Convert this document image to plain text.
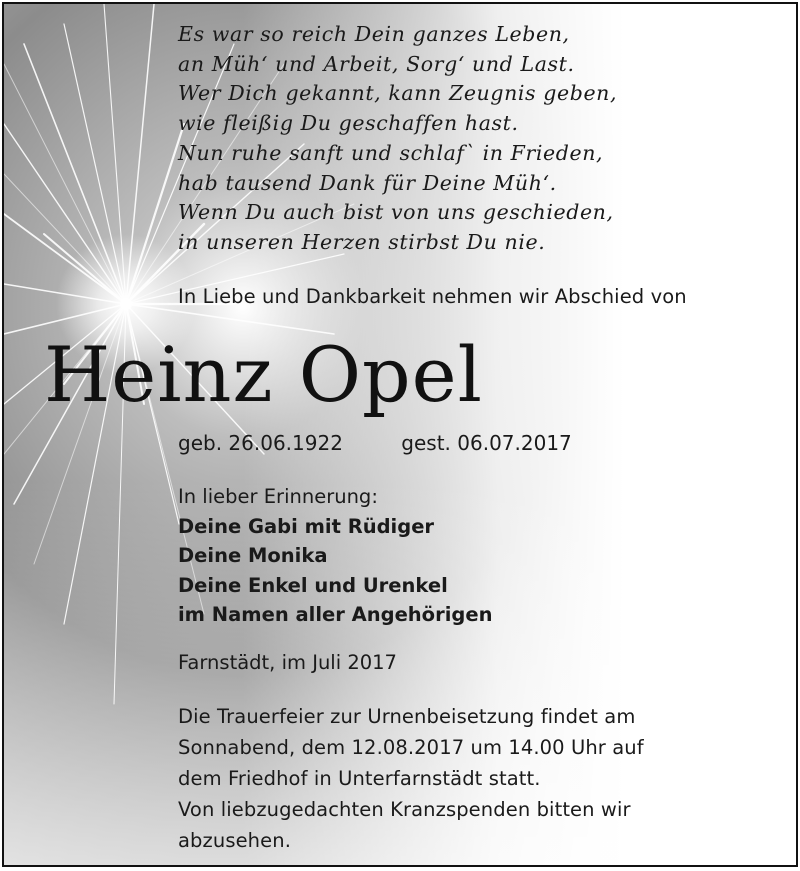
Es war so reich Dein ganzes Leben,
an Müh‘ und Arbeit, Sorg‘ und Last.
Wer Dich gekannt, kann Zeugnis geben,
wie fleißig Du geschaffen hast.
Nun ruhe sanft und schlaf` in Frieden,
hab tausend Dank für Deine Müh‘.
Wenn Du auch bist von uns geschieden,
in unseren Herzen stirbst Du nie.
In Liebe und Dankbarkeit nehmen wir Abschied von
Heinz Opel
geb. 26.06.1922	gest. 06.07.2017
In lieber Erinnerung:
Deine Gabi mit Rüdiger
Deine Monika
Deine Enkel und Urenkel
im Namen aller Angehörigen
Farnstädt, im Juli 2017
Die Trauerfeier zur Urnenbeisetzung findet am
Sonnabend, dem 12.08.2017 um 14.00 Uhr auf
dem Friedhof in Unterfarnstädt statt.
Von liebzugedachten Kranzspenden bitten wir
abzusehen.
